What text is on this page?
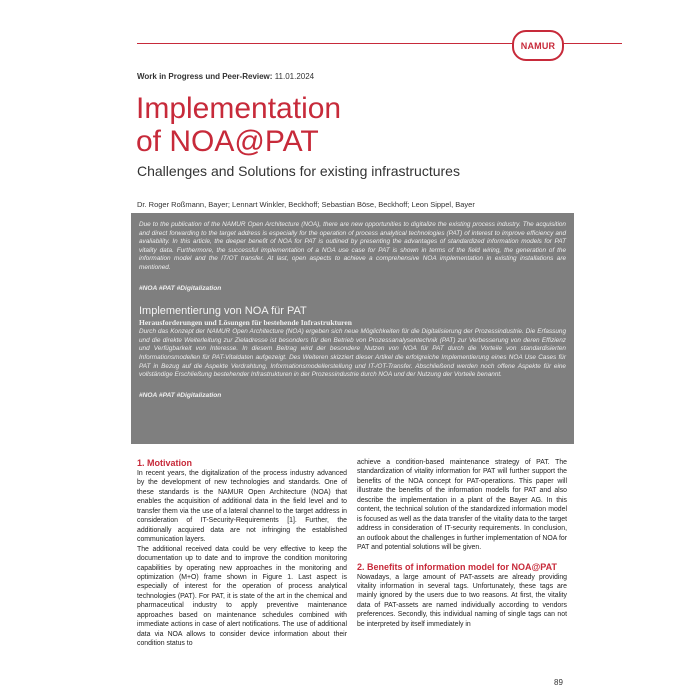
NAMUR
Work in Progress und Peer-Review: 11.01.2024
Implementation
of NOA@PAT
Challenges and Solutions for existing infrastructures
Dr. Roger Roßmann, Bayer; Lennart Winkler, Beckhoff; Sebastian Böse, Beckhoff; Leon Sippel, Bayer

Due to the publication of the NAMUR Open Architecture (NOA), there are new opportunities to digitalize the existing process industry. The acquisition and direct forwarding to the target address is especially for the operation of process analytical technologies (PAT) of interest to improve efficiency and avaliability. In this article, the deeper benefit of NOA for PAT is outlined by presenting the advantages of standardized information models for PAT vitality data. Furthermore, the successful implementation of a NOA use case for PAT is shown in terms of the field wiring, the generation of the information model and the IT/OT transfer. At last, open aspects to achieve a comprehensive NOA implementation in existing installations are mentioned.

#NOA #PAT #Digitalization

Implementierung von NOA für PAT
Herausforderungen und Lösungen für bestehende Infrastrukturen

Durch das Konzept der NAMUR Open Architecture (NOA) ergeben sich neue Möglichkeiten für die Digitalisierung der Prozessindustrie. Die Erfassung und die direkte Weiterleitung zur Zieladresse ist besonders für den Betrieb von Prozessanalysentechnik (PAT) zur Verbesserung von deren Effizienz und Verfügbarkeit von Interesse. In diesem Beitrag wird der besondere Nutzen von NOA für PAT durch die Vorteile von standardisierten Informationsmodellen für PAT-Vitaldaten aufgezeigt. Des Weiteren skizziert dieser Artikel die erfolgreiche Implementierung eines NOA Use Cases für PAT in Bezug auf die Aspekte Verdrahtung, Informationsmodellerstellung und IT-/OT-Transfer. Abschließend werden noch offene Aspekte für eine vollständige Erschließung bestehender Infrastrukturen in der Prozessindustrie durch NOA und der Nutzung der Vorteile benannt.

#NOA #PAT #Digitalization

1. Motivation

In recent years, the digitalization of the process industry advanced by the development of new technologies and standards. One of these standards is the NAMUR Open Architecture (NOA) that enables the acquisition of additional data in the field level and to transfer them via the use of a lateral channel to the target address in consideration of IT-Security-Requirements [1]. Further, the additionally acquired data are not infringing the established communication layers.

The additional received data could be very effective to keep the documentation up to date and to improve the condition monitoring capabilities by operating new approaches in the monitoring and optimization (M+O) frame shown in Figure 1. Last aspect is especially of interest for the operation of process analytical technologies (PAT). For PAT, it is state of the art in the chemical and pharmaceutical industry to apply preventive maintenance approaches based on maintenance schedules combined with immediate actions in case of alert notifications. The use of additional data via NOA allows to consider device information about their condition status to

achieve a condition-based maintenance strategy of PAT. The standardization of vitality information for PAT will further support the benefits of the NOA concept for PAT-operations. This paper will illustrate the benefits of the information modells for PAT and also describe the implementation in a plant of the Bayer AG. In this content, the technical solution of the standardized information model is focused as well as the data transfer of the vitality data to the target address in consideration of IT-security requirements. In conclusion, an outlook about the challenges in further implementation of NOA for PAT and potential solutions will be given.

2. Benefits of information model for NOA@PAT

Nowadays, a large amount of PAT-assets are already providing vitality information in several tags. Unfortunately, these tags are mainly ignored by the users due to two reasons. At first, the vitality data of PAT-assets are named individually according to vendors preferences. Secondly, this individual naming of single tags can not be interpreted by itself immediately in

89
